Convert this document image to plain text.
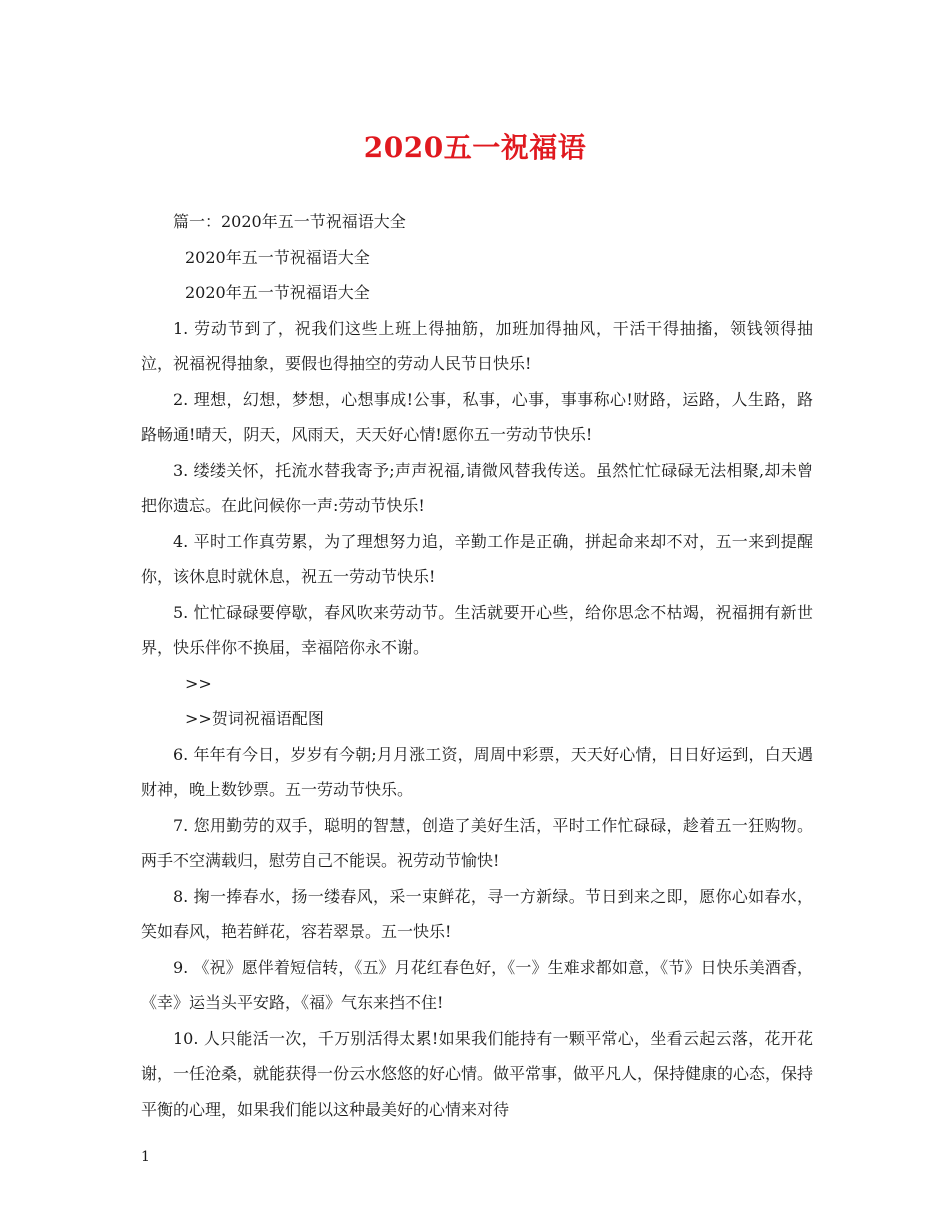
2020五一祝福语

篇一：2020年五一节祝福语大全

2020年五一节祝福语大全

2020年五一节祝福语大全

1. 劳动节到了，祝我们这些上班上得抽筋，加班加得抽风，干活干得抽搐，领钱领得抽泣，祝福祝得抽象，要假也得抽空的劳动人民节日快乐!

2. 理想，幻想，梦想，心想事成!公事，私事，心事，事事称心!财路，运路，人生路，路路畅通!晴天，阴天，风雨天，天天好心情!愿你五一劳动节快乐!

3. 缕缕关怀，托流水替我寄予;声声祝福,请微风替我传送。虽然忙忙碌碌无法相聚,却未曾把你遗忘。在此问候你一声:劳动节快乐!

4. 平时工作真劳累，为了理想努力追，辛勤工作是正确，拼起命来却不对，五一来到提醒你，该休息时就休息，祝五一劳动节快乐!

5. 忙忙碌碌要停歇，春风吹来劳动节。生活就要开心些，给你思念不枯竭，祝福拥有新世界，快乐伴你不换届，幸福陪你永不谢。

>>

>>贺词祝福语配图

6. 年年有今日，岁岁有今朝;月月涨工资，周周中彩票，天天好心情，日日好运到，白天遇财神，晚上数钞票。五一劳动节快乐。

7. 您用勤劳的双手，聪明的智慧，创造了美好生活，平时工作忙碌碌，趁着五一狂购物。两手不空满载归，慰劳自己不能误。祝劳动节愉快!

8. 掬一捧春水，扬一缕春风，采一束鲜花，寻一方新绿。节日到来之即，愿你心如春水，笑如春风，艳若鲜花，容若翠景。五一快乐!

9. 《祝》愿伴着短信转，《五》月花红春色好，《一》生难求都如意，《节》日快乐美酒香，《幸》运当头平安路，《福》气东来挡不住!

10. 人只能活一次，千万别活得太累!如果我们能持有一颗平常心，坐看云起云落，花开花谢，一任沧桑，就能获得一份云水悠悠的好心情。做平常事，做平凡人，保持健康的心态，保持平衡的心理，如果我们能以这种最美好的心情来对待

1
